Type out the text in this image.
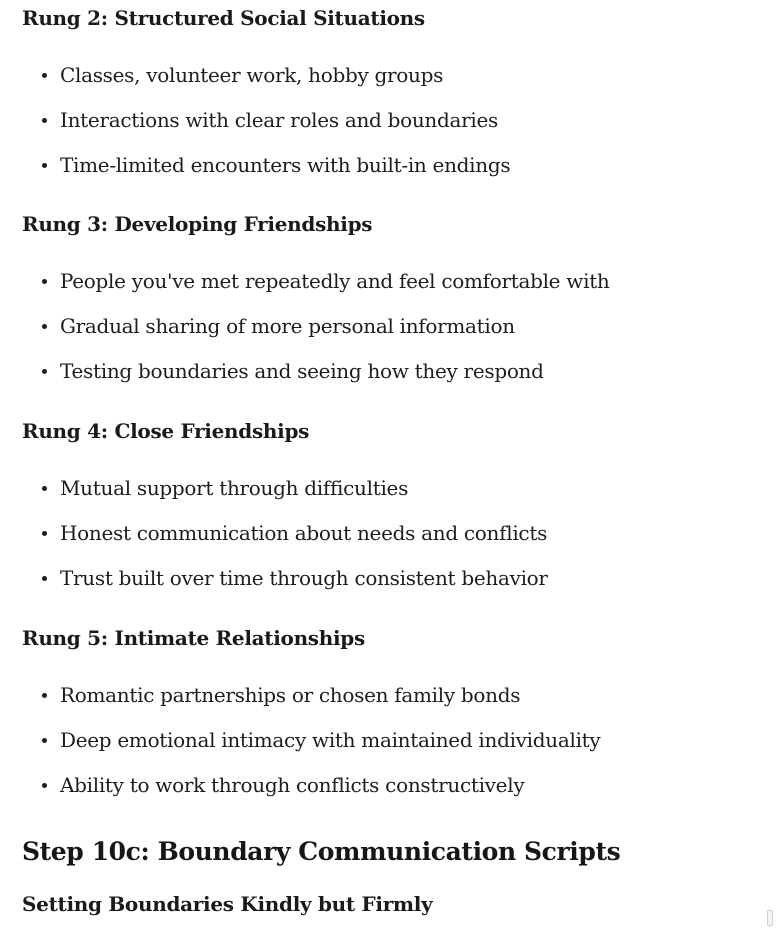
Rung 2: Structured Social Situations
Classes, volunteer work, hobby groups
Interactions with clear roles and boundaries
Time-limited encounters with built-in endings
Rung 3: Developing Friendships
People you've met repeatedly and feel comfortable with
Gradual sharing of more personal information
Testing boundaries and seeing how they respond
Rung 4: Close Friendships
Mutual support through difficulties
Honest communication about needs and conflicts
Trust built over time through consistent behavior
Rung 5: Intimate Relationships
Romantic partnerships or chosen family bonds
Deep emotional intimacy with maintained individuality
Ability to work through conflicts constructively
Step 10c: Boundary Communication Scripts
Setting Boundaries Kindly but Firmly
